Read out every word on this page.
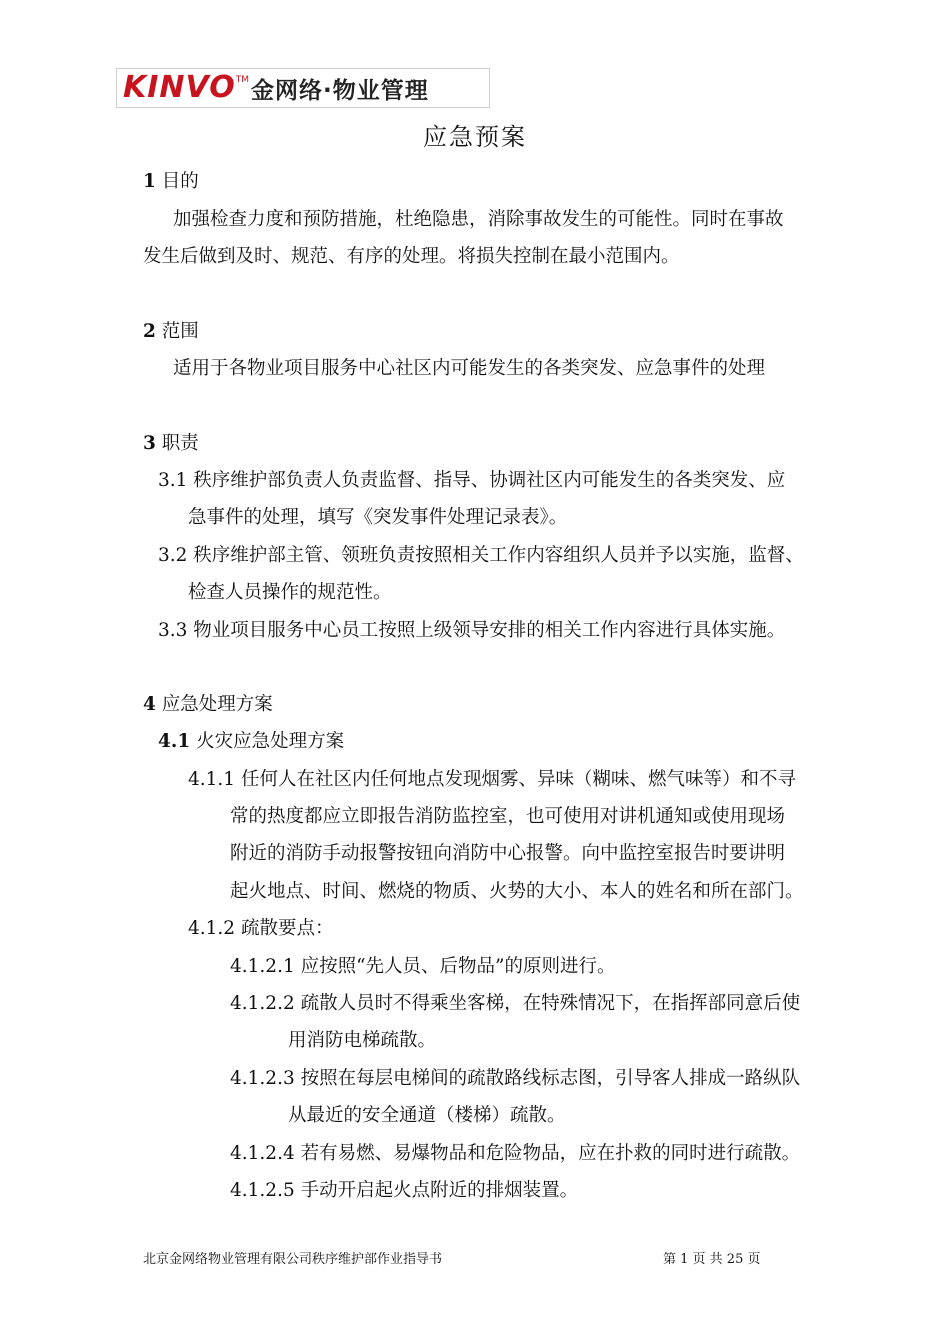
KINVO TM 金网络·物业管理
应急预案
1 目的
加强检查力度和预防措施，杜绝隐患，消除事故发生的可能性。同时在事故
发生后做到及时、规范、有序的处理。将损失控制在最小范围内。
2 范围
适用于各物业项目服务中心社区内可能发生的各类突发、应急事件的处理
3 职责
3.1 秩序维护部负责人负责监督、指导、协调社区内可能发生的各类突发、应
急事件的处理，填写《突发事件处理记录表》。
3.2 秩序维护部主管、领班负责按照相关工作内容组织人员并予以实施，监督、
检查人员操作的规范性。
3.3 物业项目服务中心员工按照上级领导安排的相关工作内容进行具体实施。
4 应急处理方案
4.1 火灾应急处理方案
4.1.1 任何人在社区内任何地点发现烟雾、异味（糊味、燃气味等）和不寻
常的热度都应立即报告消防监控室，也可使用对讲机通知或使用现场
附近的消防手动报警按钮向消防中心报警。向中监控室报告时要讲明
起火地点、时间、燃烧的物质、火势的大小、本人的姓名和所在部门。
4.1.2 疏散要点：
4.1.2.1 应按照“先人员、后物品”的原则进行。
4.1.2.2 疏散人员时不得乘坐客梯，在特殊情况下，在指挥部同意后使
用消防电梯疏散。
4.1.2.3 按照在每层电梯间的疏散路线标志图，引导客人排成一路纵队
从最近的安全通道（楼梯）疏散。
4.1.2.4 若有易燃、易爆物品和危险物品，应在扑救的同时进行疏散。
4.1.2.5 手动开启起火点附近的排烟装置。
北京金网络物业管理有限公司秩序维护部作业指导书	第 1 页 共 25 页
